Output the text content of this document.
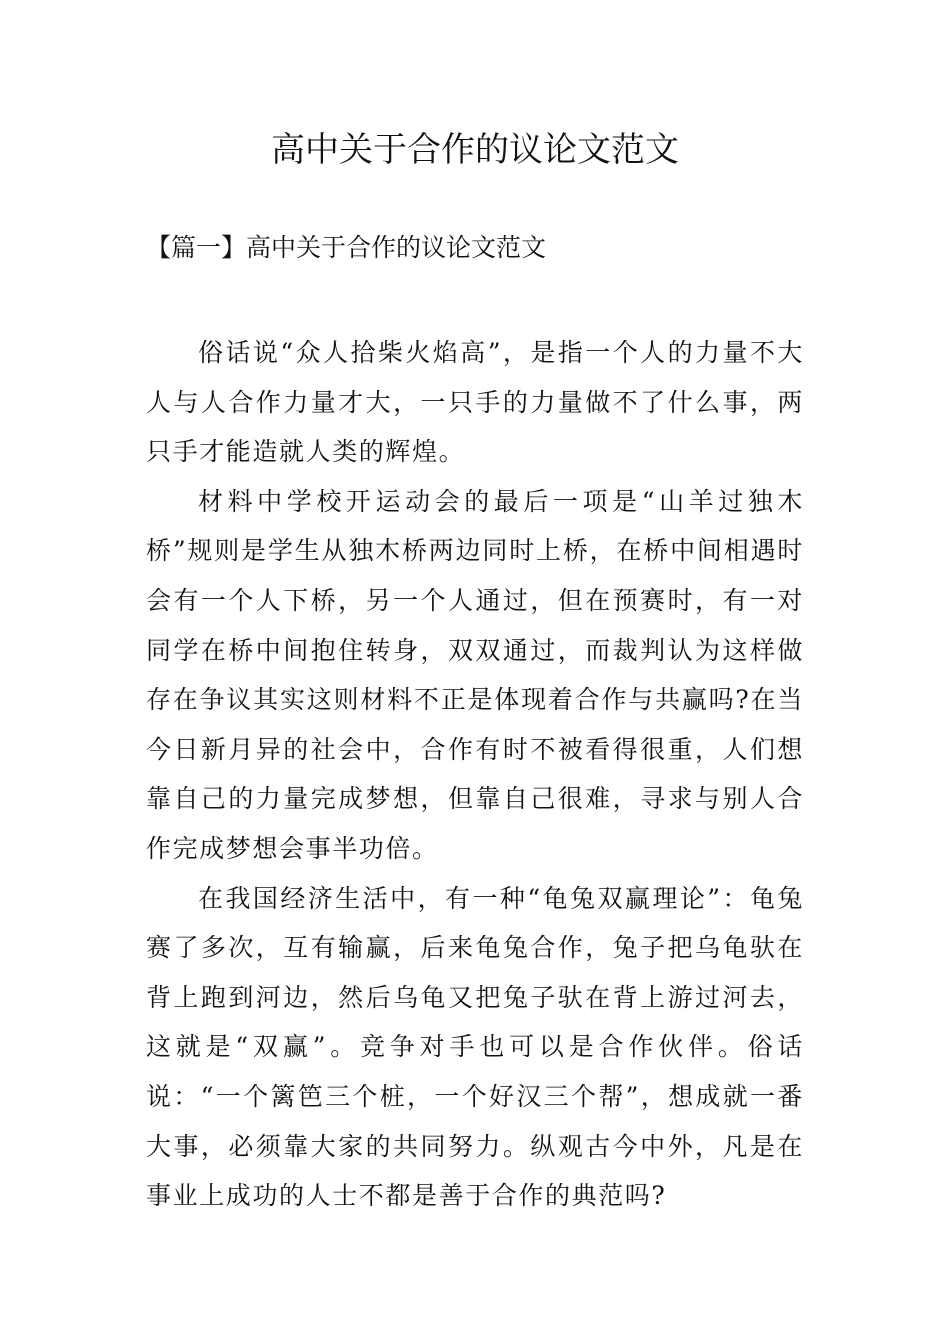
高中关于合作的议论文范文
【篇一】高中关于合作的议论文范文

俗话说“众人拾柴火焰高”，是指一个人的力量不大人与人合作力量才大，一只手的力量做不了什么事，两只手才能造就人类的辉煌。

材料中学校开运动会的最后一项是“山羊过独木桥”规则是学生从独木桥两边同时上桥，在桥中间相遇时会有一个人下桥，另一个人通过，但在预赛时，有一对同学在桥中间抱住转身，双双通过，而裁判认为这样做存在争议其实这则材料不正是体现着合作与共赢吗?在当今日新月异的社会中，合作有时不被看得很重，人们想靠自己的力量完成梦想，但靠自己很难，寻求与别人合作完成梦想会事半功倍。

在我国经济生活中，有一种“龟兔双赢理论”：龟兔赛了多次，互有输赢，后来龟兔合作，兔子把乌龟驮在背上跑到河边，然后乌龟又把兔子驮在背上游过河去，这就是“双赢”。竞争对手也可以是合作伙伴。俗话说：“一个篱笆三个桩，一个好汉三个帮”，想成就一番大事，必须靠大家的共同努力。纵观古今中外，凡是在事业上成功的人士不都是善于合作的典范吗?
